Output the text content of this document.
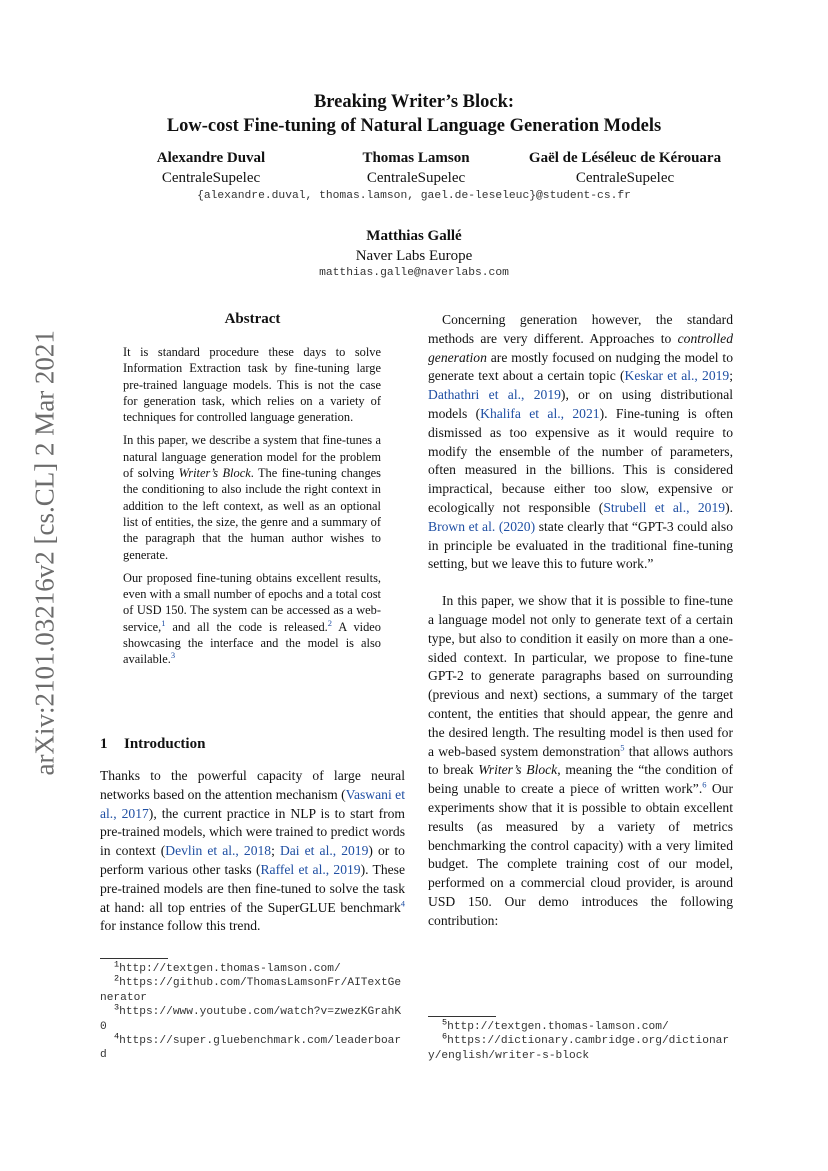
Breaking Writer’s Block:
Low-cost Fine-tuning of Natural Language Generation Models
Alexandre Duval
CentraleSupelec
Thomas Lamson
CentraleSupelec
Gaël de Léséleuc de Kérouara
CentraleSupelec
{alexandre.duval, thomas.lamson, gael.de-leseleuc}@student-cs.fr
Matthias Gallé
Naver Labs Europe
matthias.galle@naverlabs.com
arXiv:2101.03216v2 [cs.CL] 2 Mar 2021
Abstract

It is standard procedure these days to solve Information Extraction task by fine-tuning large pre-trained language models. This is not the case for generation task, which relies on a variety of techniques for controlled language generation.

In this paper, we describe a system that fine-tunes a natural language generation model for the problem of solving Writer’s Block. The fine-tuning changes the conditioning to also include the right context in addition to the left context, as well as an optional list of entities, the size, the genre and a summary of the paragraph that the human author wishes to generate.

Our proposed fine-tuning obtains excellent results, even with a small number of epochs and a total cost of USD 150. The system can be accessed as a web-service,$^1$ and all the code is released.$^2$ A video showcasing the interface and the model is also available.$^3$

1 Introduction

Thanks to the powerful capacity of large neural networks based on the attention mechanism (Vaswani et al., 2017), the current practice in NLP is to start from pre-trained models, which were trained to predict words in context (Devlin et al., 2018; Dai et al., 2019) or to perform various other tasks (Raffel et al., 2019). These pre-trained models are then fine-tuned to solve the task at hand: all top entries of the SuperGLUE benchmark$^4$ for instance follow this trend.

$^1$http://textgen.thomas-lamson.com/
$^2$https://github.com/ThomasLamsonFr/AITextGenerator
$^3$https://www.youtube.com/watch?v=zwezKGrahK0
$^4$https://super.gluebenchmark.com/leaderboard

Concerning generation however, the standard methods are very different. Approaches to controlled generation are mostly focused on nudging the model to generate text about a certain topic (Keskar et al., 2019; Dathathri et al., 2019), or on using distributional models (Khalifa et al., 2021). Fine-tuning is often dismissed as too expensive as it would require to modify the ensemble of the number of parameters, often measured in the billions. This is considered impractical, because either too slow, expensive or ecologically not responsible (Strubell et al., 2019). Brown et al. (2020) state clearly that “GPT-3 could also in principle be evaluated in the traditional fine-tuning setting, but we leave this to future work.”

In this paper, we show that it is possible to fine-tune a language model not only to generate text of a certain type, but also to condition it easily on more than a one-sided context. In particular, we propose to fine-tune GPT-2 to generate paragraphs based on surrounding (previous and next) sections, a summary of the target content, the entities that should appear, the genre and the desired length. The resulting model is then used for a web-based system demonstration$^5$ that allows authors to break Writer’s Block, meaning the “the condition of being unable to create a piece of written work”.$^6$ Our experiments show that it is possible to obtain excellent results (as measured by a variety of metrics benchmarking the control capacity) with a very limited budget. The complete training cost of our model, performed on a commercial cloud provider, is around USD 150. Our demo introduces the following contribution:

$^5$http://textgen.thomas-lamson.com/
$^6$https://dictionary.cambridge.org/dictionary/english/writer-s-block
